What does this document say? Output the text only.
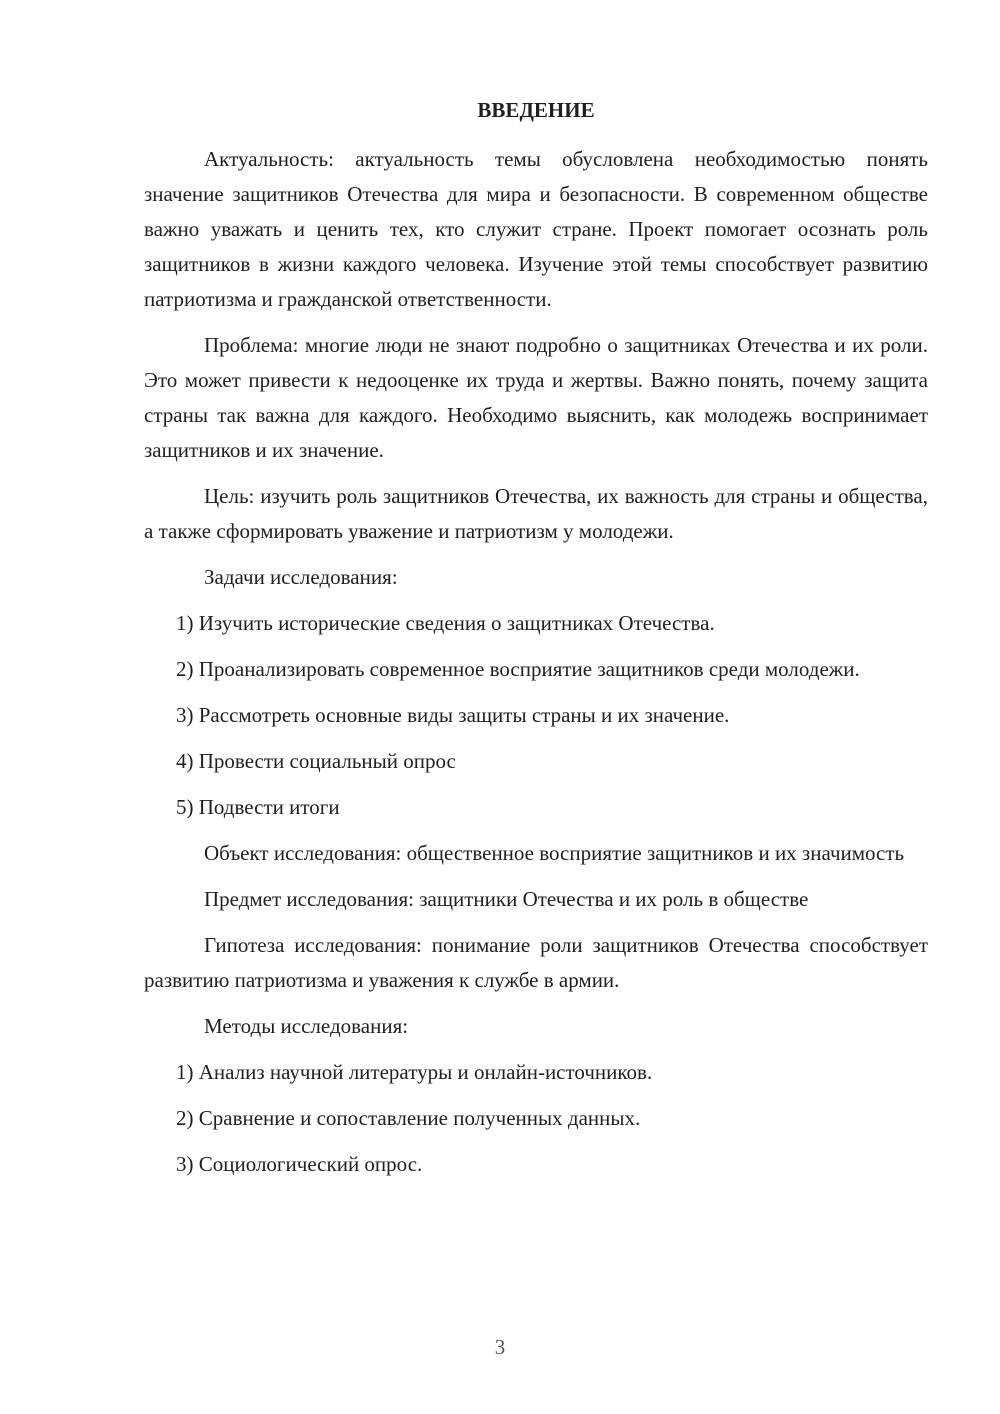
ВВЕДЕНИЕ

Актуальность: актуальность темы обусловлена необходимостью понять значение защитников Отечества для мира и безопасности. В современном обществе важно уважать и ценить тех, кто служит стране. Проект помогает осознать роль защитников в жизни каждого человека. Изучение этой темы способствует развитию патриотизма и гражданской ответственности.

Проблема: многие люди не знают подробно о защитниках Отечества и их роли. Это может привести к недооценке их труда и жертвы. Важно понять, почему защита страны так важна для каждого. Необходимо выяснить, как молодежь воспринимает защитников и их значение.

Цель: изучить роль защитников Отечества, их важность для страны и общества, а также сформировать уважение и патриотизм у молодежи.

Задачи исследования:

1) Изучить исторические сведения о защитниках Отечества.

2) Проанализировать современное восприятие защитников среди молодежи.

3) Рассмотреть основные виды защиты страны и их значение.

4) Провести социальный опрос

5) Подвести итоги

Объект исследования: общественное восприятие защитников и их значимость

Предмет исследования: защитники Отечества и их роль в обществе

Гипотеза исследования: понимание роли защитников Отечества способствует развитию патриотизма и уважения к службе в армии.

Методы исследования:

1) Анализ научной литературы и онлайн-источников.

2) Сравнение и сопоставление полученных данных.

3) Социологический опрос.

3
